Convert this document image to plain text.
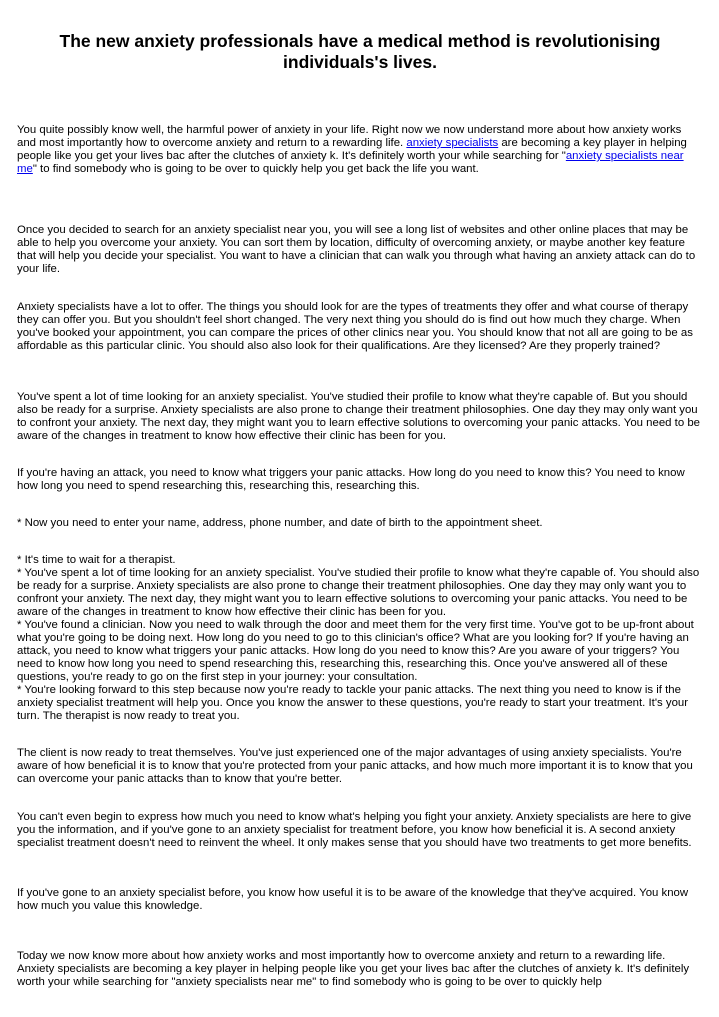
The new anxiety professionals have a medical method is revolutionising individuals's lives.

You quite possibly know well, the harmful power of anxiety in your life. Right now we now understand more about how anxiety works and most importantly how to overcome anxiety and return to a rewarding life. anxiety specialists are becoming a key player in helping people like you get your lives bac after the clutches of anxiety k. It's definitely worth your while searching for "anxiety specialists near me" to find somebody who is going to be over to quickly help you get back the life you want.

Once you decided to search for an anxiety specialist near you, you will see a long list of websites and other online places that may be able to help you overcome your anxiety. You can sort them by location, difficulty of overcoming anxiety, or maybe another key feature that will help you decide your specialist. You want to have a clinician that can walk you through what having an anxiety attack can do to your life.

Anxiety specialists have a lot to offer. The things you should look for are the types of treatments they offer and what course of therapy they can offer you. But you shouldn't feel short changed. The very next thing you should do is find out how much they charge. When you've booked your appointment, you can compare the prices of other clinics near you. You should know that not all are going to be as affordable as this particular clinic. You should also also look for their qualifications. Are they licensed? Are they properly trained?

You've spent a lot of time looking for an anxiety specialist. You've studied their profile to know what they're capable of. But you should also be ready for a surprise. Anxiety specialists are also prone to change their treatment philosophies. One day they may only want you to confront your anxiety. The next day, they might want you to learn effective solutions to overcoming your panic attacks. You need to be aware of the changes in treatment to know how effective their clinic has been for you.

If you're having an attack, you need to know what triggers your panic attacks. How long do you need to know this? You need to know how long you need to spend researching this, researching this, researching this.

* Now you need to enter your name, address, phone number, and date of birth to the appointment sheet.

* It's time to wait for a therapist.
* You've spent a lot of time looking for an anxiety specialist. You've studied their profile to know what they're capable of. You should also be ready for a surprise. Anxiety specialists are also prone to change their treatment philosophies. One day they may only want you to confront your anxiety. The next day, they might want you to learn effective solutions to overcoming your panic attacks. You need to be aware of the changes in treatment to know how effective their clinic has been for you.
* You've found a clinician. Now you need to walk through the door and meet them for the very first time. You've got to be up-front about what you're going to be doing next. How long do you need to go to this clinician's office? What are you looking for? If you're having an attack, you need to know what triggers your panic attacks. How long do you need to know this? Are you aware of your triggers? You need to know how long you need to spend researching this, researching this, researching this. Once you've answered all of these questions, you're ready to go on the first step in your journey: your consultation.
* You're looking forward to this step because now you're ready to tackle your panic attacks. The next thing you need to know is if the anxiety specialist treatment will help you. Once you know the answer to these questions, you're ready to start your treatment. It's your turn. The therapist is now ready to treat you.

The client is now ready to treat themselves. You've just experienced one of the major advantages of using anxiety specialists. You're aware of how beneficial it is to know that you're protected from your panic attacks, and how much more important it is to know that you can overcome your panic attacks than to know that you're better.

You can't even begin to express how much you need to know what's helping you fight your anxiety. Anxiety specialists are here to give you the information, and if you've gone to an anxiety specialist for treatment before, you know how beneficial it is. A second anxiety specialist treatment doesn't need to reinvent the wheel. It only makes sense that you should have two treatments to get more benefits.

If you've gone to an anxiety specialist before, you know how useful it is to be aware of the knowledge that they've acquired. You know how much you value this knowledge.

Today we now know more about how anxiety works and most importantly how to overcome anxiety and return to a rewarding life. Anxiety specialists are becoming a key player in helping people like you get your lives bac after the clutches of anxiety k. It's definitely worth your while searching for "anxiety specialists near me" to find somebody who is going to be over to quickly help
